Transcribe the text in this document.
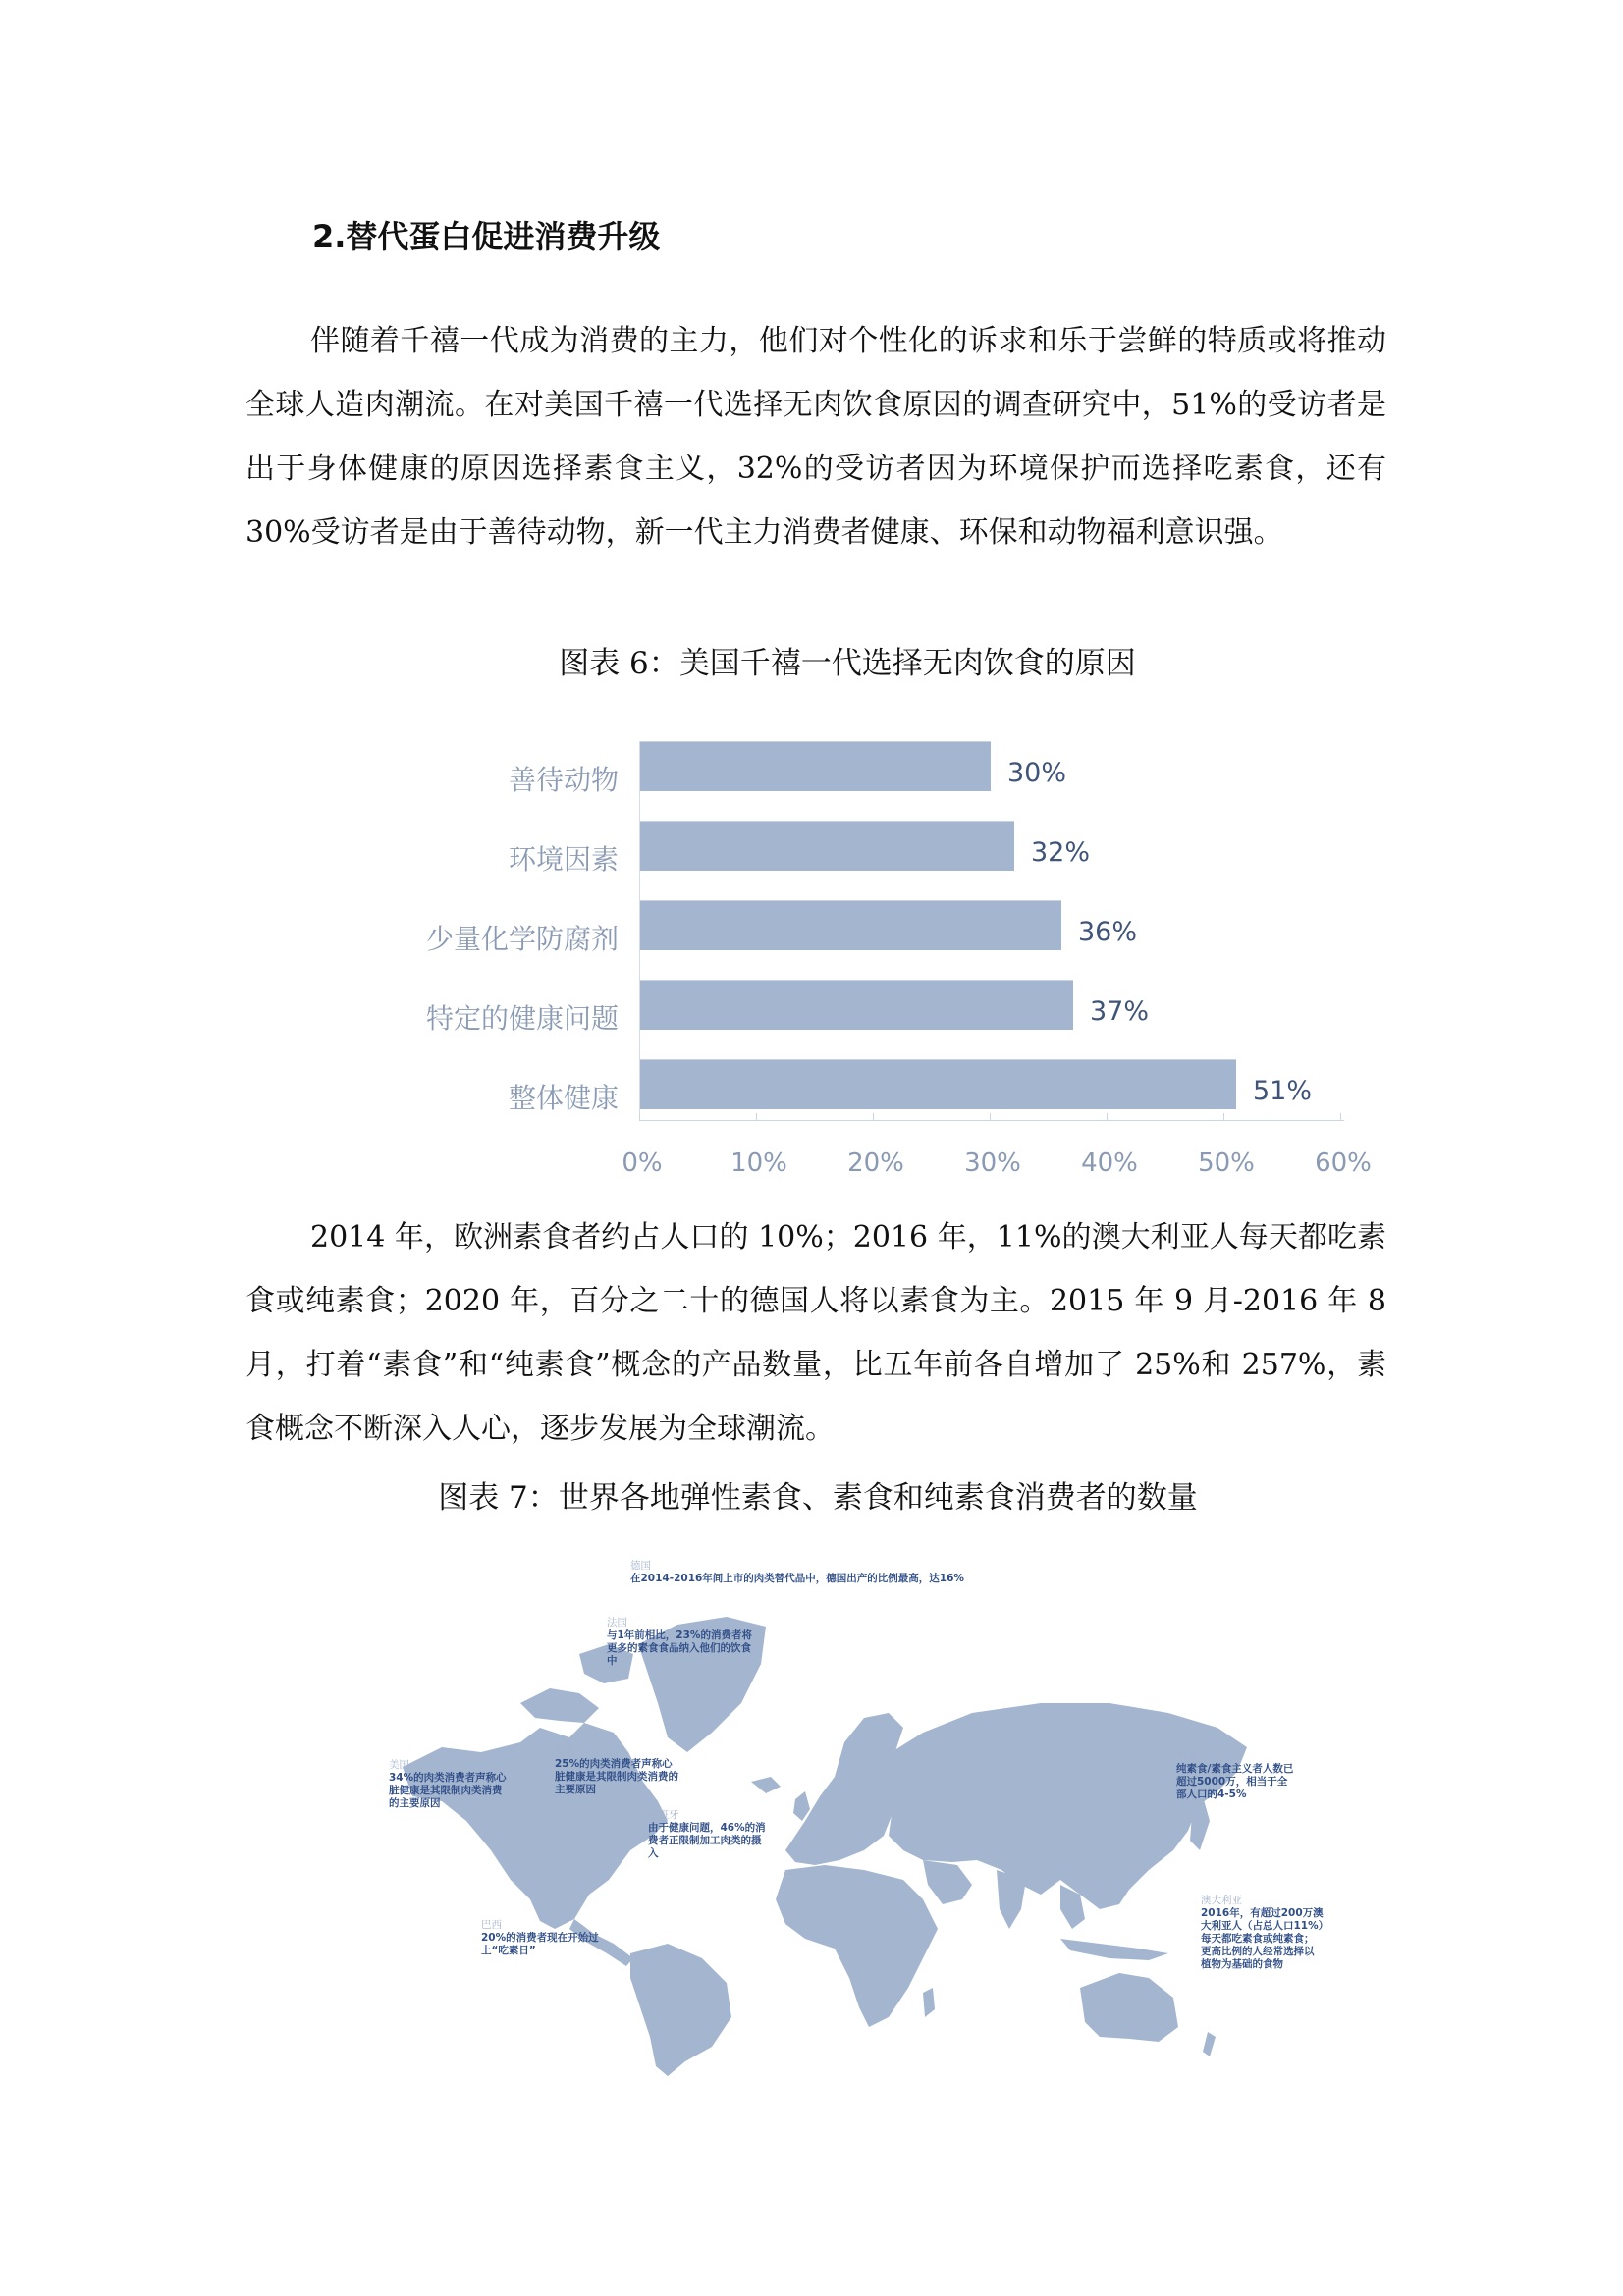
2.替代蛋白促进消费升级

伴随着千禧一代成为消费的主力，他们对个性化的诉求和乐于尝鲜的特质或将推动全球人造肉潮流。在对美国千禧一代选择无肉饮食原因的调查研究中，51%的受访者是出于身体健康的原因选择素食主义，32%的受访者因为环境保护而选择吃素食，还有 30%受访者是由于善待动物，新一代主力消费者健康、环保和动物福利意识强。

图表 6：美国千禧一代选择无肉饮食的原因
善待动物	30%
环境因素	32%
少量化学防腐剂	36%
特定的健康问题	37%
整体健康	51%
0%	10%	20%	30%	40%	50%	60%

2014 年，欧洲素食者约占人口的 10%；2016 年，11%的澳大利亚人每天都吃素食或纯素食；2020 年，百分之二十的德国人将以素食为主。2015 年 9 月-2016 年 8 月，打着“素食”和“纯素食”概念的产品数量，比五年前各自增加了 25%和 257%，素食概念不断深入人心，逐步发展为全球潮流。

图表 7：世界各地弹性素食、素食和纯素食消费者的数量
德国
在2014-2016年间上市的肉类替代品中，德国出产的比例最高，达16%
法国
与1年前相比，23%的消费者将更多的素食食品纳入他们的饮食中
英国
25%的肉类消费者声称心脏健康是其限制肉类消费的主要原因
美国
34%的肉类消费者声称心脏健康是其限制肉类消费的主要原因
西班牙
由于健康问题，46%的消费者正限制加工肉类的摄入
巴西
20%的消费者现在开始过上“吃素日”
中国
纯素食/素食主义者人数已超过5000万，相当于全部人口的4-5%
澳大利亚
2016年，有超过200万澳大利亚人（占总人口11%）每天都吃素食或纯素食；更高比例的人经常选择以植物为基础的食物
